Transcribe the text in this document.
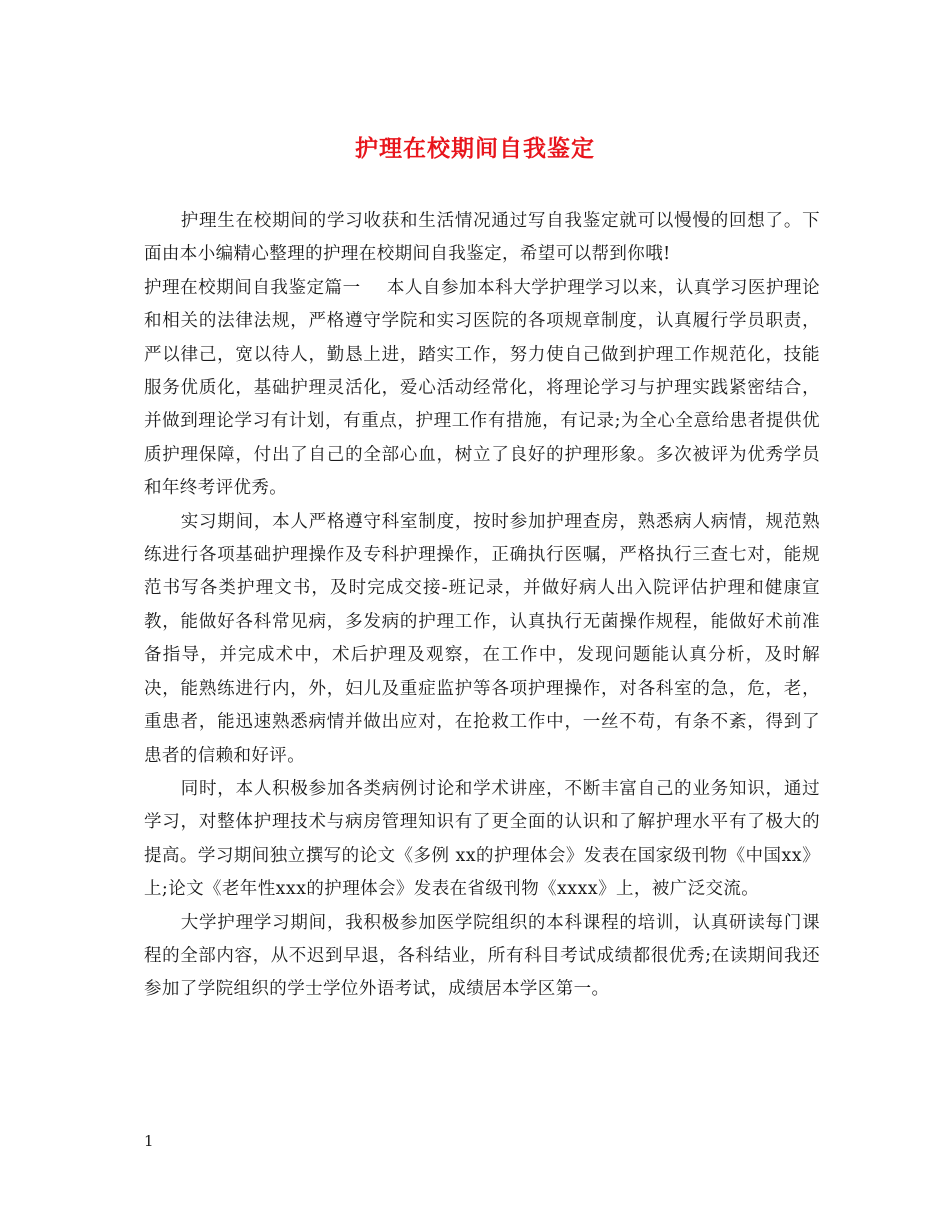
护理在校期间自我鉴定

护理生在校期间的学习收获和生活情况通过写自我鉴定就可以慢慢的回想了。下面由本小编精心整理的护理在校期间自我鉴定，希望可以帮到你哦!

护理在校期间自我鉴定篇一 本人自参加本科大学护理学习以来，认真学习医护理论和相关的法律法规，严格遵守学院和实习医院的各项规章制度，认真履行学员职责，严以律己，宽以待人，勤恳上进，踏实工作，努力使自己做到护理工作规范化，技能服务优质化，基础护理灵活化，爱心活动经常化，将理论学习与护理实践紧密结合，并做到理论学习有计划，有重点，护理工作有措施，有记录;为全心全意给患者提供优质护理保障，付出了自己的全部心血，树立了良好的护理形象。多次被评为优秀学员和年终考评优秀。

实习期间，本人严格遵守科室制度，按时参加护理查房，熟悉病人病情，规范熟练进行各项基础护理操作及专科护理操作，正确执行医嘱，严格执行三查七对，能规范书写各类护理文书，及时完成交接-班记录，并做好病人出入院评估护理和健康宣教，能做好各科常见病，多发病的护理工作，认真执行无菌操作规程，能做好术前准备指导，并完成术中，术后护理及观察，在工作中，发现问题能认真分析，及时解决，能熟练进行内，外，妇儿及重症监护等各项护理操作，对各科室的急，危，老，重患者，能迅速熟悉病情并做出应对，在抢救工作中，一丝不苟，有条不紊，得到了患者的信赖和好评。

同时，本人积极参加各类病例讨论和学术讲座，不断丰富自己的业务知识，通过学习，对整体护理技术与病房管理知识有了更全面的认识和了解护理水平有了极大的提高。学习期间独立撰写的论文《多例 xx的护理体会》发表在国家级刊物《中国xx》上;论文《老年性xxx的护理体会》发表在省级刊物《xxxx》上，被广泛交流。

大学护理学习期间，我积极参加医学院组织的本科课程的培训，认真研读每门课程的全部内容，从不迟到早退，各科结业，所有科目考试成绩都很优秀;在读期间我还参加了学院组织的学士学位外语考试，成绩居本学区第一。

1
